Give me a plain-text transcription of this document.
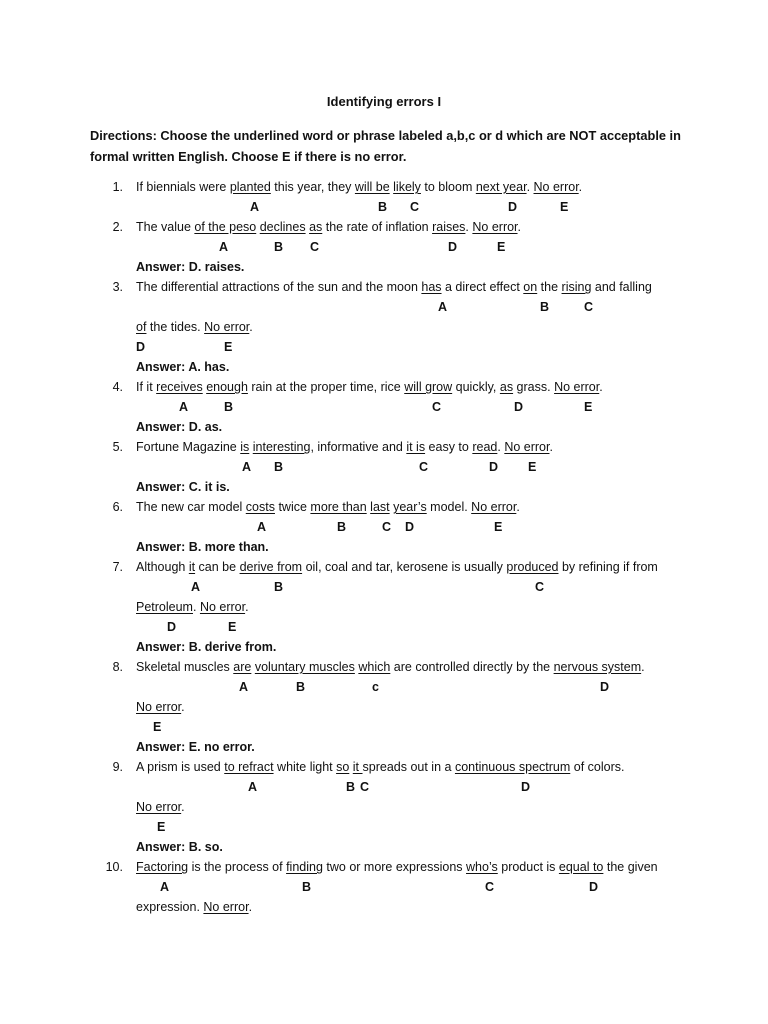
Identifying errors I
Directions: Choose the underlined word or phrase labeled a,b,c or d which are NOT acceptable in formal written English. Choose E if there is no error.
1. If biennials were planted this year, they will be likely to bloom next year. No error.
A	B C	D	E
2. The value of the peso declines as the rate of inflation raises. No error.
A	B C	D	E
Answer: D. raises.
3. The differential attractions of the sun and the moon has a direct effect on the rising and falling
A	B	C
of the tides. No error.
D	E
Answer: A. has.
4. If it receives enough rain at the proper time, rice will grow quickly, as grass. No error.
A	B	C	D	E
Answer: D. as.
5. Fortune Magazine is interesting, informative and it is easy to read. No error.
A B	C	D E
Answer: C. it is.
6. The new car model costs twice more than last year’s model. No error.
A	B	C D	E
Answer: B. more than.
7. Although it can be derive from oil, coal and tar, kerosene is usually produced by refining if from
A	B	C
Petroleum. No error.
D	E
Answer: B. derive from.
8. Skeletal muscles are voluntary muscles which are controlled directly by the nervous system.
A	B	c	D
No error.
E
Answer: E. no error.
9. A prism is used to refract white light so it spreads out in a continuous spectrum of colors.
A	B C	D
No error.
E
Answer: B. so.
10. Factoring is the process of finding two or more expressions who’s product is equal to the given
A	B	C	D
expression. No error.
